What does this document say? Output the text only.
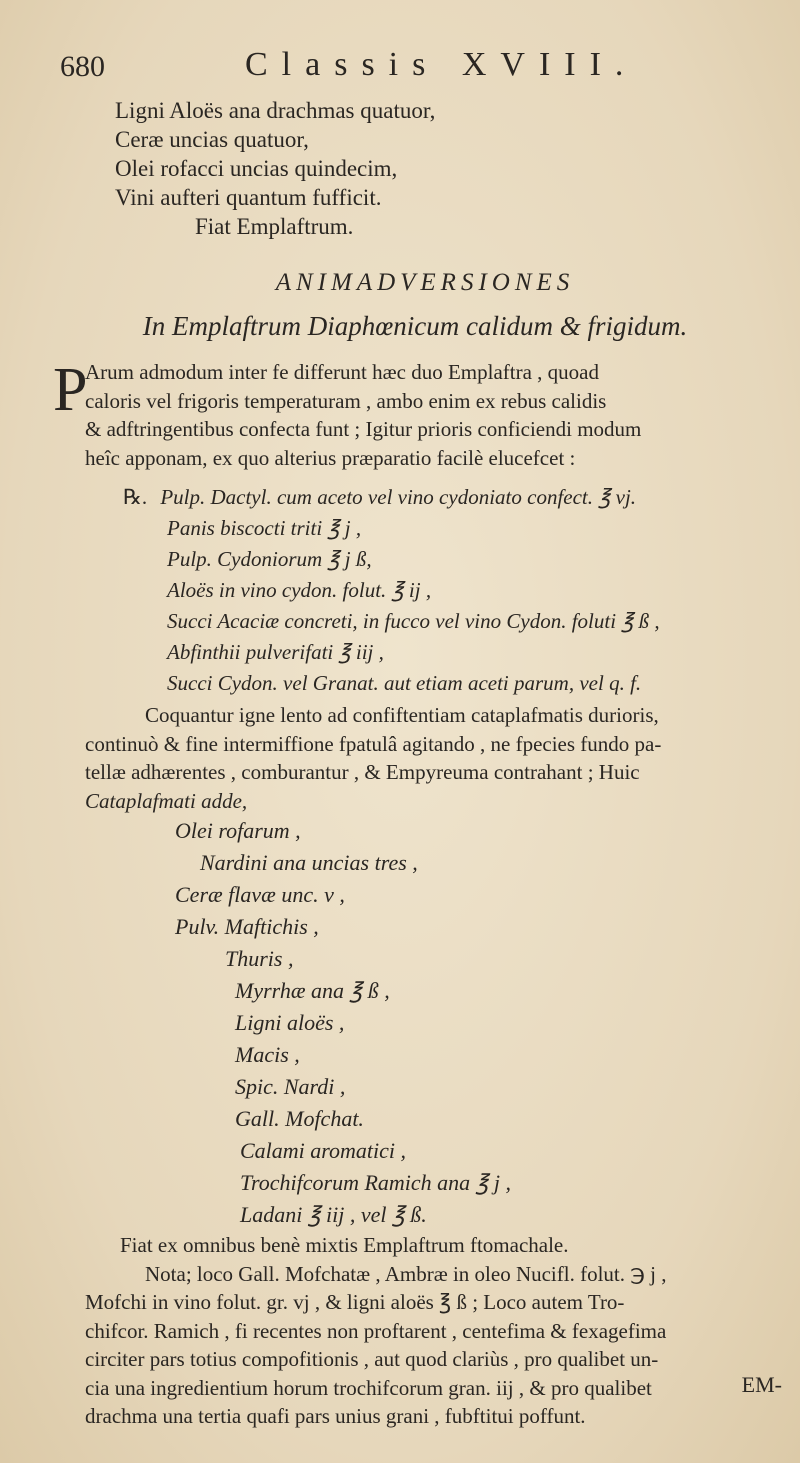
680	Classis XVIII.
Ligni Aloës ana drachmas quatuor,
Ceræ uncias quatuor,
Olei rofacci uncias quindecim,
Vini aufteri quantum fufficit.
Fiat Emplaftrum.
ANIMADVERSIONES
In Emplaftrum Diaphœnicum calidum & frigidum.
P
Arum admodum inter fe differunt hæc duo Emplaftra , quoad
caloris vel frigoris temperaturam , ambo enim ex rebus calidis
& adftringentibus confecta funt ; Igitur prioris conficiendi modum
heîc apponam, ex quo alterius præparatio facilè elucefcet :
℞. Pulp. Dactyl. cum aceto vel vino cydoniato confect. ℥ vj.
Panis biscocti triti ℥ j ,
Pulp. Cydoniorum ℥ j ß,
Aloës in vino cydon. folut. ℥ ij ,
Succi Acaciæ concreti, in fucco vel vino Cydon. foluti ℥ ß ,
Abfinthii pulverifati ℥ iij ,
Succi Cydon. vel Granat. aut etiam aceti parum, vel q. f.
Coquantur igne lento ad confiftentiam cataplafmatis durioris,
continuò & fine intermiffione fpatulâ agitando , ne fpecies fundo pa-
tellæ adhærentes , comburantur , & Empyreuma contrahant ; Huic
Cataplafmati adde,
Olei rofarum ,
Nardini ana uncias tres ,
Ceræ flavæ unc. v ,
Pulv. Maftichis ,
Thuris ,
Myrrhæ ana ℥ ß ,
Ligni aloës ,
Macis ,
Spic. Nardi ,
Gall. Mofchat.
Calami aromatici ,
Trochifcorum Ramich ana ℥ j ,
Ladani ℥ iij , vel ℥ ß.
Fiat ex omnibus benè mixtis Emplaftrum ftomachale.
Nota; loco Gall. Mofchatæ , Ambræ in oleo Nucifl. folut. ℈ j ,
Mofchi in vino folut. gr. vj , & ligni aloës ℥ ß ; Loco autem Tro-
chifcor. Ramich , fi recentes non proftarent , centefima & fexagefima
circiter pars totius compofitionis , aut quod clariùs , pro qualibet un-
cia una ingredientium horum trochifcorum gran. iij , & pro qualibet
drachma una tertia quafi pars unius grani , fubftitui poffunt.
EM-
